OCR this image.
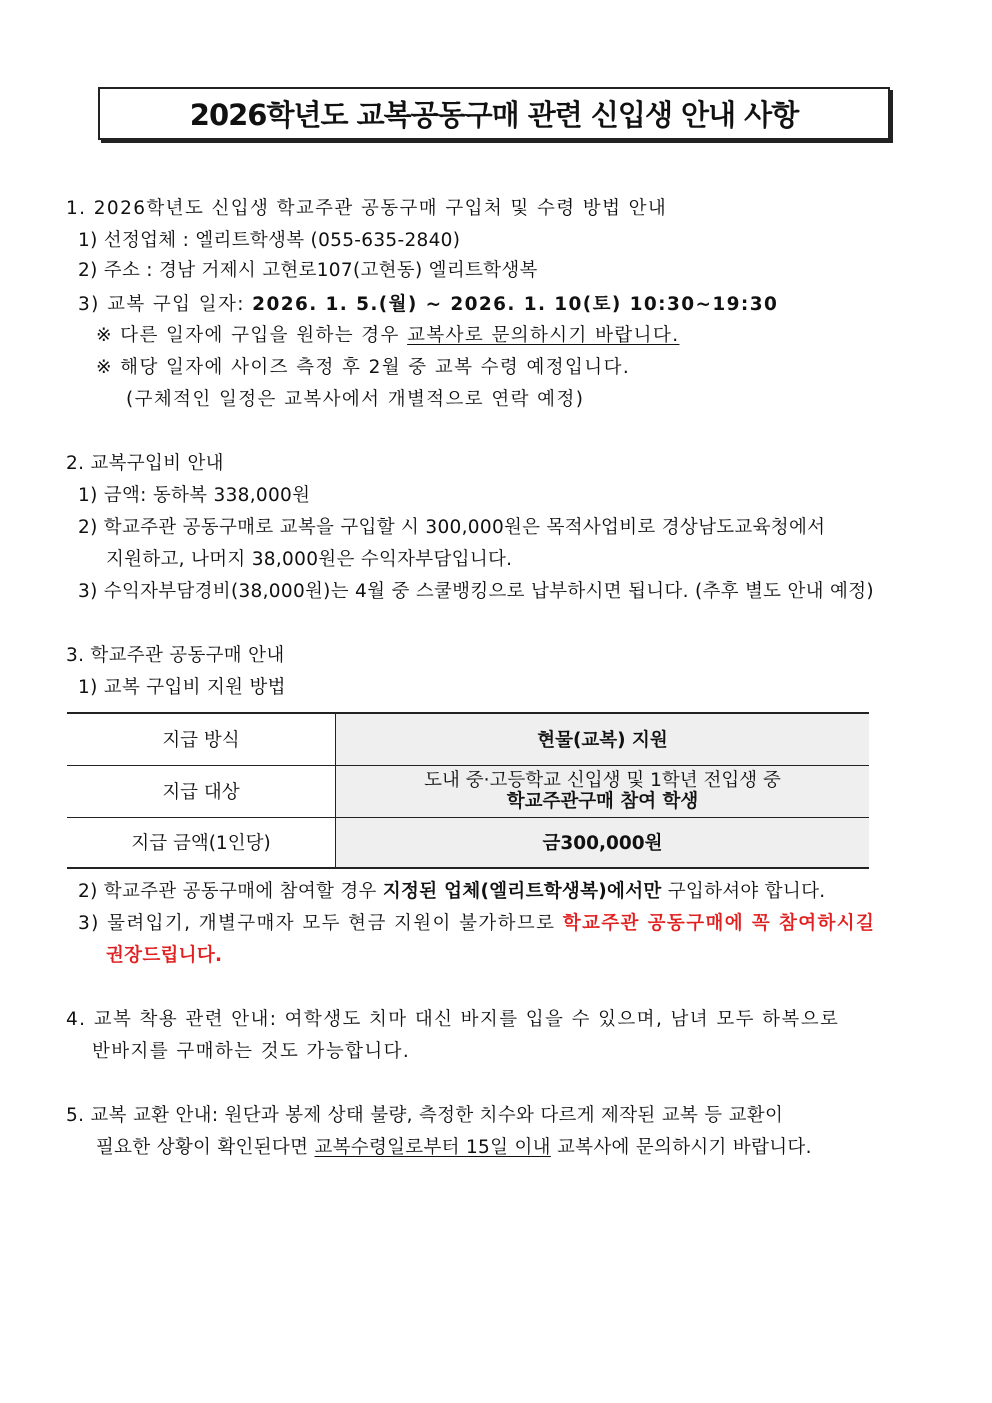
2026학년도 교복공동구매 관련 신입생 안내 사항
1. 2026학년도 신입생 학교주관 공동구매 구입처 및 수령 방법 안내
1) 선정업체 : 엘리트학생복 (055-635-2840)
2) 주소 : 경남 거제시 고현로107(고현동) 엘리트학생복
3) 교복 구입 일자: 2026. 1. 5.(월) ~ 2026. 1. 10(토) 10:30~19:30
※ 다른 일자에 구입을 원하는 경우 교복사로 문의하시기 바랍니다.
※ 해당 일자에 사이즈 측정 후 2월 중 교복 수령 예정입니다.
(구체적인 일정은 교복사에서 개별적으로 연락 예정)
2. 교복구입비 안내
1) 금액: 동하복 338,000원
2) 학교주관 공동구매로 교복을 구입할 시 300,000원은 목적사업비로 경상남도교육청에서
지원하고, 나머지 38,000원은 수익자부담입니다.
3) 수익자부담경비(38,000원)는 4월 중 스쿨뱅킹으로 납부하시면 됩니다. (추후 별도 안내 예정)
3. 학교주관 공동구매 안내
1) 교복 구입비 지원 방법
지급 방식	현물(교복) 지원
지급 대상	도내 중·고등학교 신입생 및 1학년 전입생 중
학교주관구매 참여 학생

지급 금액(1인당)	금300,000원
2) 학교주관 공동구매에 참여할 경우 지정된 업체(엘리트학생복)에서만 구입하셔야 합니다.
3) 물려입기, 개별구매자 모두 현금 지원이 불가하므로 학교주관 공동구매에 꼭 참여하시길
권장드립니다.
4. 교복 착용 관련 안내: 여학생도 치마 대신 바지를 입을 수 있으며, 남녀 모두 하복으로
반바지를 구매하는 것도 가능합니다.
5. 교복 교환 안내: 원단과 봉제 상태 불량, 측정한 치수와 다르게 제작된 교복 등 교환이
필요한 상황이 확인된다면 교복수령일로부터 15일 이내 교복사에 문의하시기 바랍니다.
